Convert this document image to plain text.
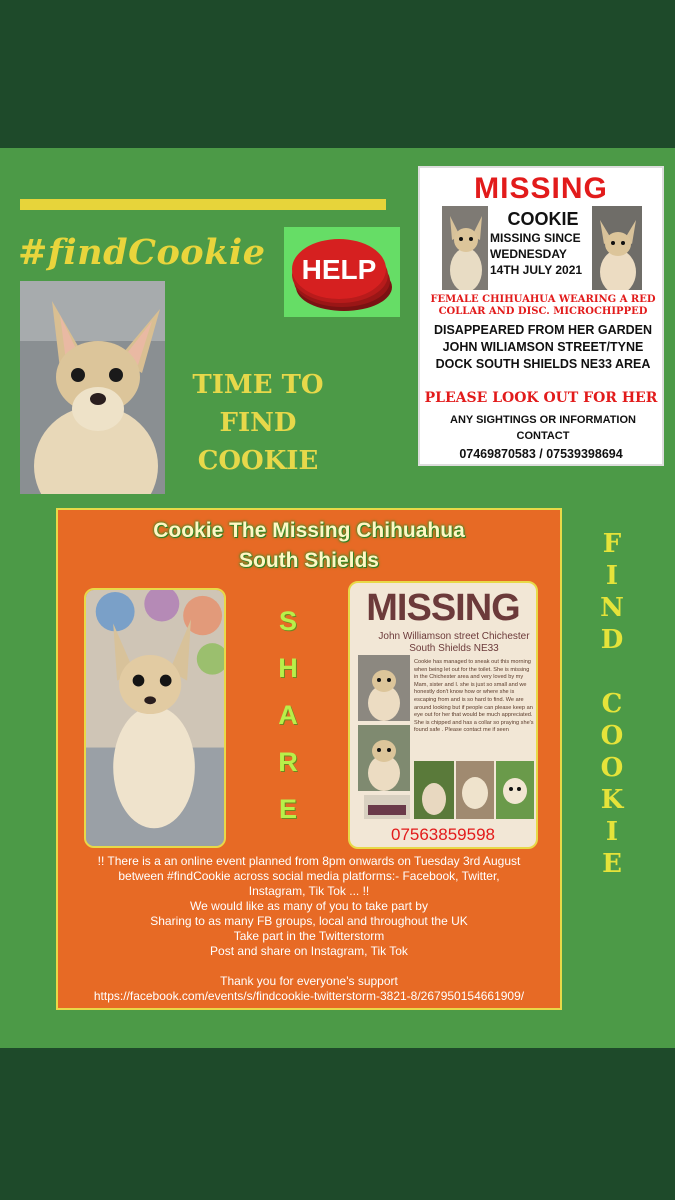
#findCookie HELP
TIME TO
FIND
COOKIE
MISSING
COOKIE
MISSING SINCE
WEDNESDAY
14TH JULY 2021
FEMALE CHIHUAHUA WEARING A RED COLLAR AND DISC. MICROCHIPPED
DISAPPEARED FROM HER GARDEN
JOHN WILIAMSON STREET/TYNE
DOCK SOUTH SHIELDS NE33 AREA
PLEASE LOOK OUT FOR HER
ANY SIGHTINGS OR INFORMATION
CONTACT
07469870583 / 07539398694
Cookie The Missing Chihuahua
South Shields
S
H
A
R
E
MISSING
John Williamson street Chichester
South Shields NE33
Cookie has managed to sneak out this morning when being let out for the toilet. She is missing in the Chichester area and very loved by my Mam, sister and I. she is just so small and we honestly don't know how or where she is escaping from and is so hard to find. We are around looking but if people can please keep an eye out for her that would be much appreciated. She is chipped and has a collar so praying she's found safe . Please contact me if seen
07563859598
!! There is a an online event planned from 8pm onwards on Tuesday 3rd August
between #findCookie across social media platforms:- Facebook, Twitter,
Instagram, Tik Tok ... !!
We would like as many of you to take part by
Sharing to as many FB groups, local and throughout the UK
Take part in the Twitterstorm
Post and share on Instagram, Tik Tok
Thank you for everyone's support
https://facebook.com/events/s/findcookie-twitterstorm-3821-8/267950154661909/
F
I
N
D
C
O
O
K
I
E
